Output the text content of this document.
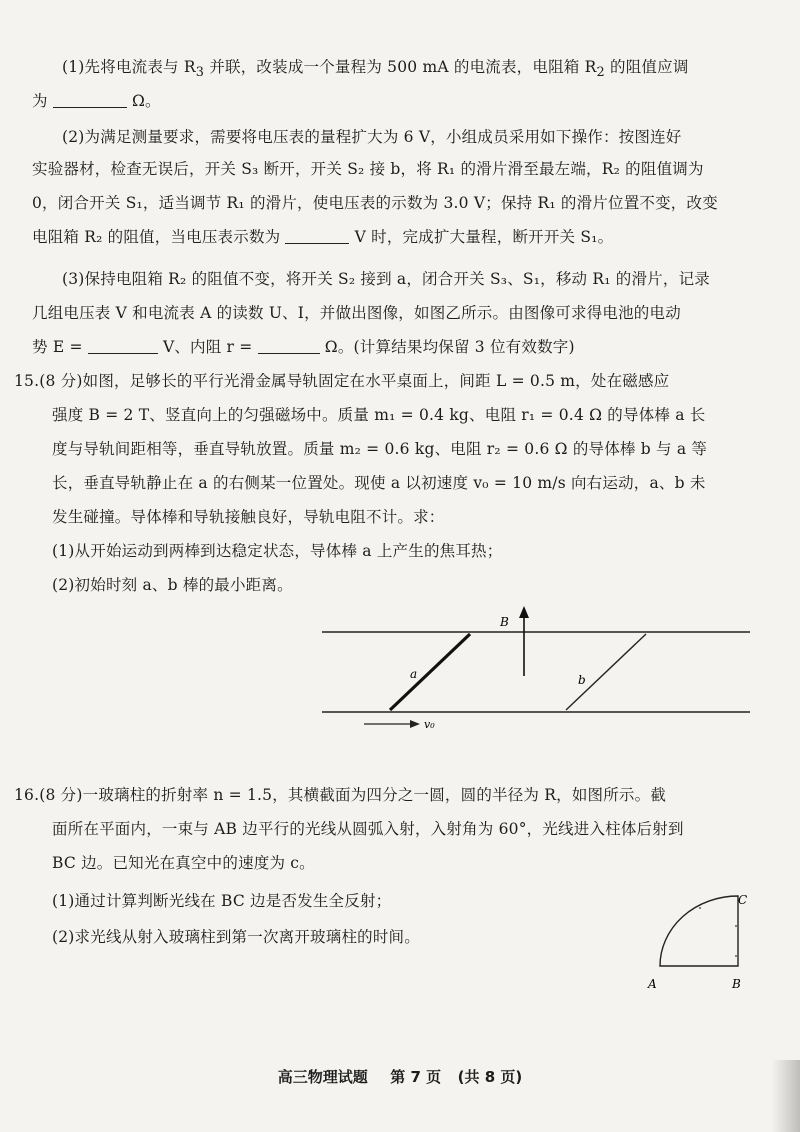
(1)先将电流表与 $R_3$ 并联，改装成一个量程为 500 mA 的电流表，电阻箱 $R_2$ 的阻值应调
为	Ω。
(2)为满足测量要求，需要将电压表的量程扩大为 6 V，小组成员采用如下操作：按图连好
实验器材，检查无误后，开关 S₃ 断开，开关 S₂ 接 b，将 R₁ 的滑片滑至最左端，R₂ 的阻值调为
0，闭合开关 S₁，适当调节 R₁ 的滑片，使电压表的示数为 3.0 V；保持 R₁ 的滑片位置不变，改变
电阻箱 R₂ 的阻值，当电压表示数为	V 时，完成扩大量程，断开开关 S₁。
(3)保持电阻箱 R₂ 的阻值不变，将开关 S₂ 接到 a，闭合开关 S₃、S₁，移动 R₁ 的滑片，记录
几组电压表 V 和电流表 A 的读数 U、I，并做出图像，如图乙所示。由图像可求得电池的电动
势 E =	V、内阻 r =	Ω。(计算结果均保留 3 位有效数字)
15.(8 分)如图，足够长的平行光滑金属导轨固定在水平桌面上，间距 L = 0.5 m，处在磁感应
强度 B = 2 T、竖直向上的匀强磁场中。质量 m₁ = 0.4 kg、电阻 r₁ = 0.4 Ω 的导体棒 a 长
度与导轨间距相等，垂直导轨放置。质量 m₂ = 0.6 kg、电阻 r₂ = 0.6 Ω 的导体棒 b 与 a 等
长，垂直导轨静止在 a 的右侧某一位置处。现使 a 以初速度 v₀ = 10 m/s 向右运动，a、b 未
发生碰撞。导体棒和导轨接触良好，导轨电阻不计。求：
(1)从开始运动到两棒到达稳定状态，导体棒 a 上产生的焦耳热；
(2)初始时刻 a、b 棒的最小距离。
B
a	b
v₀
16.(8 分)一玻璃柱的折射率 n = 1.5，其横截面为四分之一圆，圆的半径为 R，如图所示。截
面所在平面内，一束与 AB 边平行的光线从圆弧入射，入射角为 60°，光线进入柱体后射到
BC 边。已知光在真空中的速度为 c。
(1)通过计算判断光线在 BC 边是否发生全反射；
(2)求光线从射入玻璃柱到第一次离开玻璃柱的时间。
C
A	B
高三物理试题 第 7 页 (共 8 页)
